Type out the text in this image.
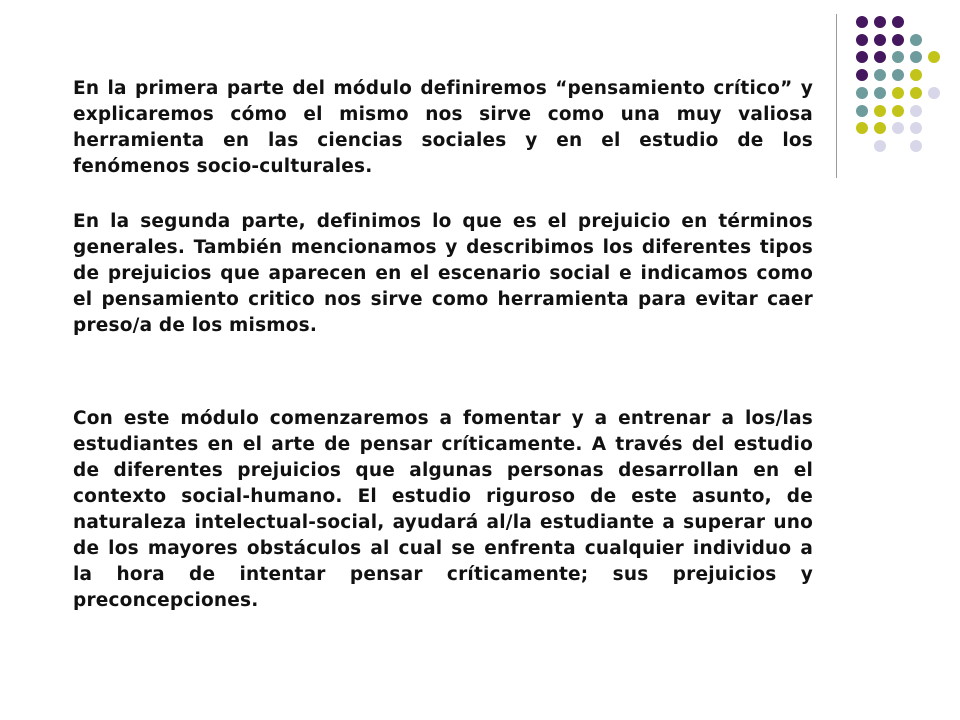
En la primera parte del módulo definiremos “pensamiento crítico” y explicaremos cómo el mismo nos sirve como una muy valiosa herramienta en las ciencias sociales y en el estudio de los fenómenos socio-culturales.

En la segunda parte, definimos lo que es el prejuicio en términos generales. También mencionamos y describimos los diferentes tipos de prejuicios que aparecen en el escenario social e indicamos como el pensamiento critico nos sirve como herramienta para evitar caer preso/a de los mismos.

Con este módulo comenzaremos a fomentar y a entrenar a los/las estudiantes en el arte de pensar críticamente. A través del estudio de diferentes prejuicios que algunas personas desarrollan en el contexto social-humano. El estudio riguroso de este asunto, de naturaleza intelectual-social, ayudará al/la estudiante a superar uno de los mayores obstáculos al cual se enfrenta cualquier individuo a la hora de intentar pensar críticamente; sus prejuicios y preconcepciones.
